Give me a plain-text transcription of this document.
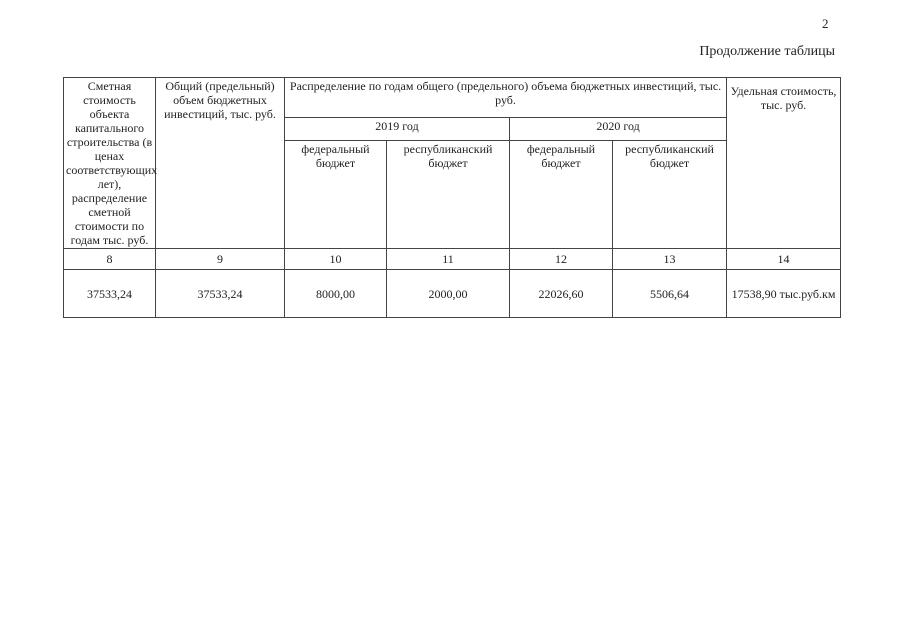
2
Продолжение таблицы
Сметная стоимость объекта капитального строительства (в ценах соответствующих лет), распределение сметной стоимости по годам тыс. руб.	Общий (предельный) объем бюджетных инвестиций, тыс. руб.	Распределение по годам общего (предельного) объема бюджетных инвестиций, тыс. руб.				Удельная стоимость, тыс. руб.
		2019 год		2020 год		
		федеральный бюджет	республиканский бюджет	федеральный бюджет	республиканский бюджет	
8	9	10	11	12	13	14
37533,24	37533,24	8000,00	2000,00	22026,60	5506,64	17538,90 тыс.руб.км
